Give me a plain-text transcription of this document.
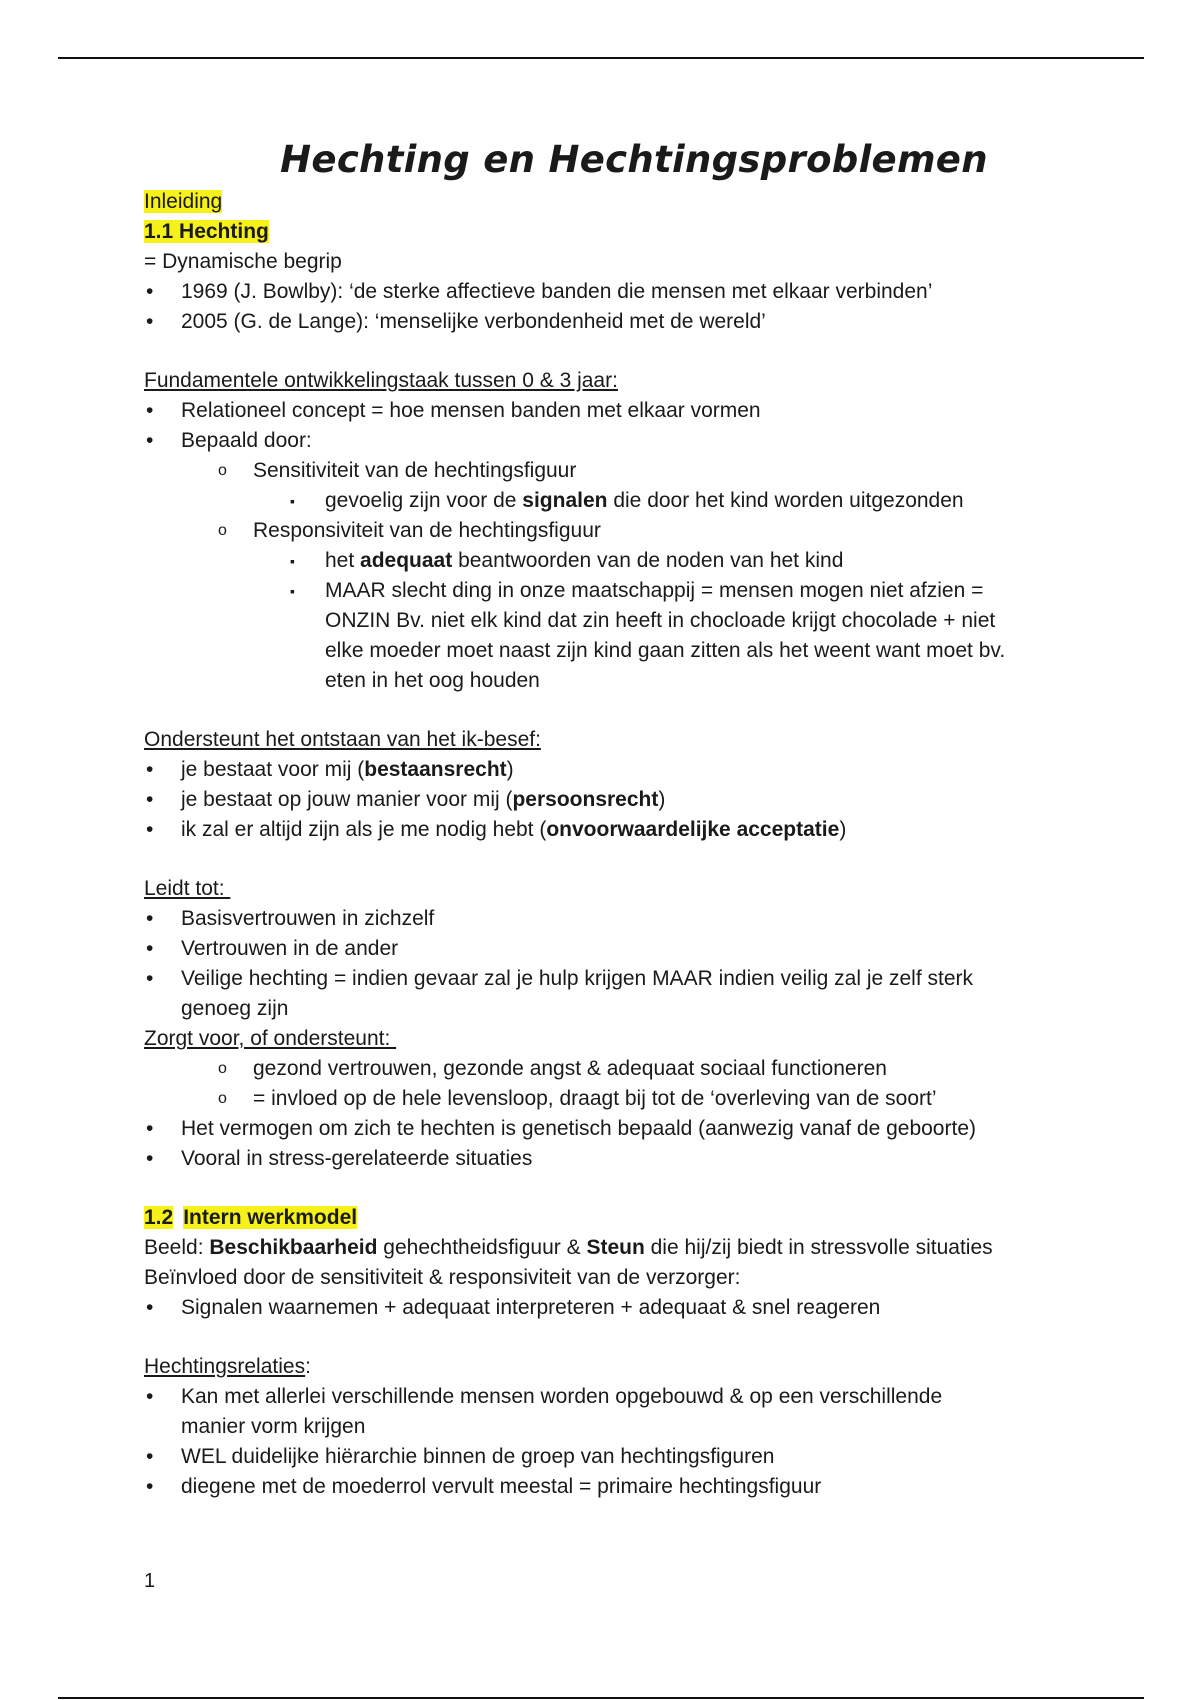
Hechting en Hechtingsproblemen
Inleiding
1.1 Hechting
= Dynamische begrip
• 1969 (J. Bowlby): ‘de sterke affectieve banden die mensen met elkaar verbinden’
• 2005 (G. de Lange): ‘menselijke verbondenheid met de wereld’
Fundamentele ontwikkelingstaak tussen 0 & 3 jaar:
• Relationeel concept = hoe mensen banden met elkaar vormen
• Bepaald door:
o Sensitiviteit van de hechtingsfiguur
▪ gevoelig zijn voor de signalen die door het kind worden uitgezonden
o Responsiviteit van de hechtingsfiguur
▪ het adequaat beantwoorden van de noden van het kind
▪ MAAR slecht ding in onze maatschappij = mensen mogen niet afzien =
ONZIN Bv. niet elk kind dat zin heeft in chocloade krijgt chocolade + niet
elke moeder moet naast zijn kind gaan zitten als het weent want moet bv.
eten in het oog houden
Ondersteunt het ontstaan van het ik-besef:
• je bestaat voor mij (bestaansrecht)
• je bestaat op jouw manier voor mij (persoonsrecht)
• ik zal er altijd zijn als je me nodig hebt (onvoorwaardelijke acceptatie)
Leidt tot:
• Basisvertrouwen in zichzelf
• Vertrouwen in de ander
• Veilige hechting = indien gevaar zal je hulp krijgen MAAR indien veilig zal je zelf sterk
genoeg zijn
Zorgt voor, of ondersteunt:
o gezond vertrouwen, gezonde angst & adequaat sociaal functioneren
o = invloed op de hele levensloop, draagt bij tot de ‘overleving van de soort’
• Het vermogen om zich te hechten is genetisch bepaald (aanwezig vanaf de geboorte)
• Vooral in stress-gerelateerde situaties
1.2 Intern werkmodel
Beeld: Beschikbaarheid gehechtheidsfiguur & Steun die hij/zij biedt in stressvolle situaties
Beïnvloed door de sensitiviteit & responsiviteit van de verzorger:
• Signalen waarnemen + adequaat interpreteren + adequaat & snel reageren
Hechtingsrelaties:
• Kan met allerlei verschillende mensen worden opgebouwd & op een verschillende
manier vorm krijgen
• WEL duidelijke hiërarchie binnen de groep van hechtingsfiguren
• diegene met de moederrol vervult meestal = primaire hechtingsfiguur
1
